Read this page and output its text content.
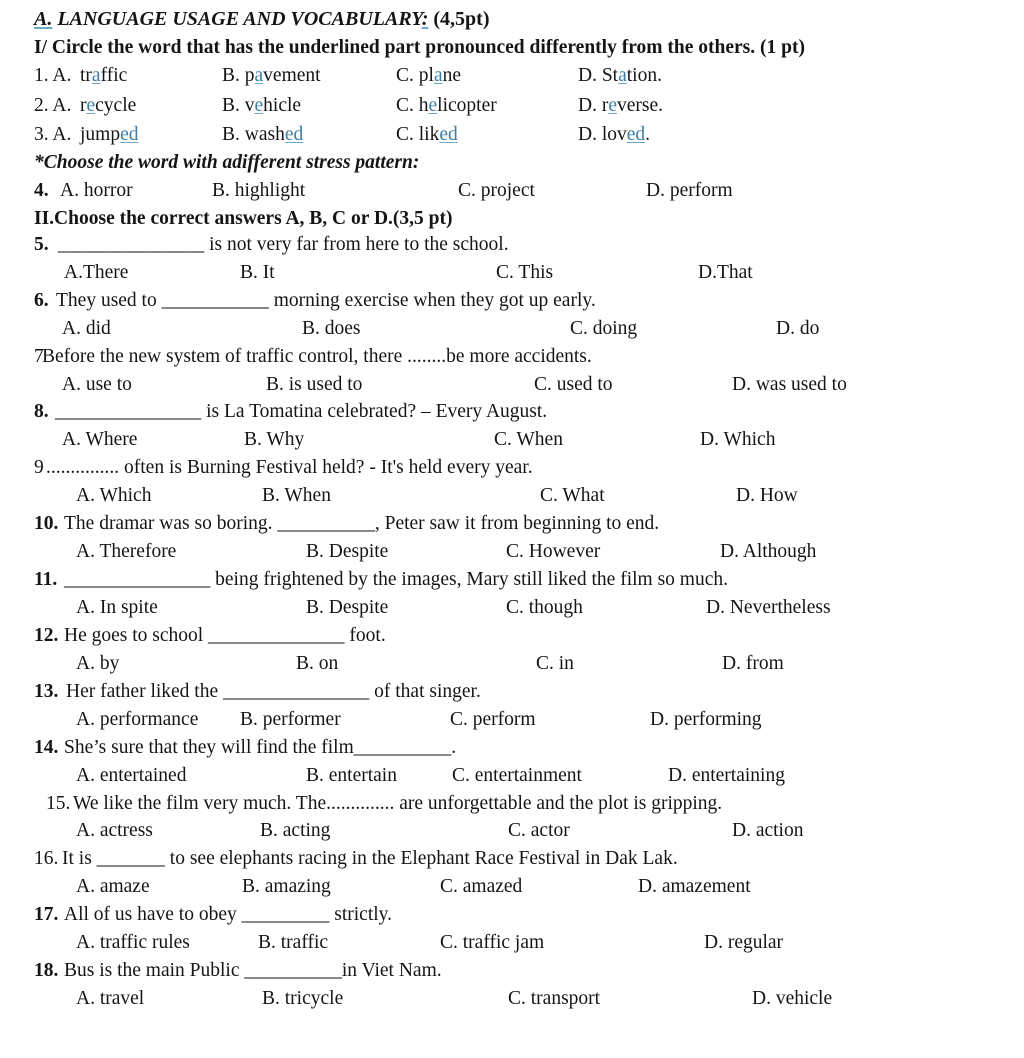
A. LANGUAGE USAGE AND VOCABULARY: (4,5pt)
I/ Circle the word that has the underlined part pronounced differently from the others. (1 pt)
1. A. traffic	B. pavement	C. plane	D. Station.
2. A. recycle	B. vehicle	C. helicopter	D. reverse.
3. A. jumped	B. washed	C. liked	D. loved.
*Choose the word with adifferent stress pattern:
4. A. horror	B. highlight	C. project	D. perform
II.Choose the correct answers A, B, C or D.(3,5 pt)
5. _______________ is not very far from here to the school.
A.There	B. It	C. This	D.That
6. They used to ___________ morning exercise when they got up early.
A. did	B. does	C. doing	D. do
7
Before the new system of traffic control, there ........be more accidents.
A. use to	B. is used to	C. used to	D. was used to
8. _______________ is La Tomatina celebrated? – Every August.
A. Where	B. Why	C. When	D. Which
9 ............... often is Burning Festival held? - It's held every year.
A. Which	B. When	C. What	D. How
10. The dramar was so boring. __________, Peter saw it from beginning to end.
A. Therefore	B. Despite	C. However	D. Although
11. _______________ being frightened by the images, Mary still liked the film so much.
A. In spite	B. Despite	C. though	D. Nevertheless
12. He goes to school ______________ foot.
A. by	B. on	C. in	D. from
13. Her father liked the _______________ of that singer.
A. performance B. performer	C. perform	D. performing
14. She’s sure that they will find the film__________.
A. entertained	B. entertain	C. entertainment	D. entertaining
15. We like the film very much. The.............. are unforgettable and the plot is gripping.
A. actress	B. acting	C. actor	D. action
16. It is _______ to see elephants racing in the Elephant Race Festival in Dak Lak.
A. amaze	B. amazing	C. amazed	D. amazement
17. All of us have to obey _________ strictly.
A. traffic rules	B. traffic	C. traffic jam	D. regular
18. Bus is the main Public __________in Viet Nam.
A. travel	B. tricycle	C. transport	D. vehicle
